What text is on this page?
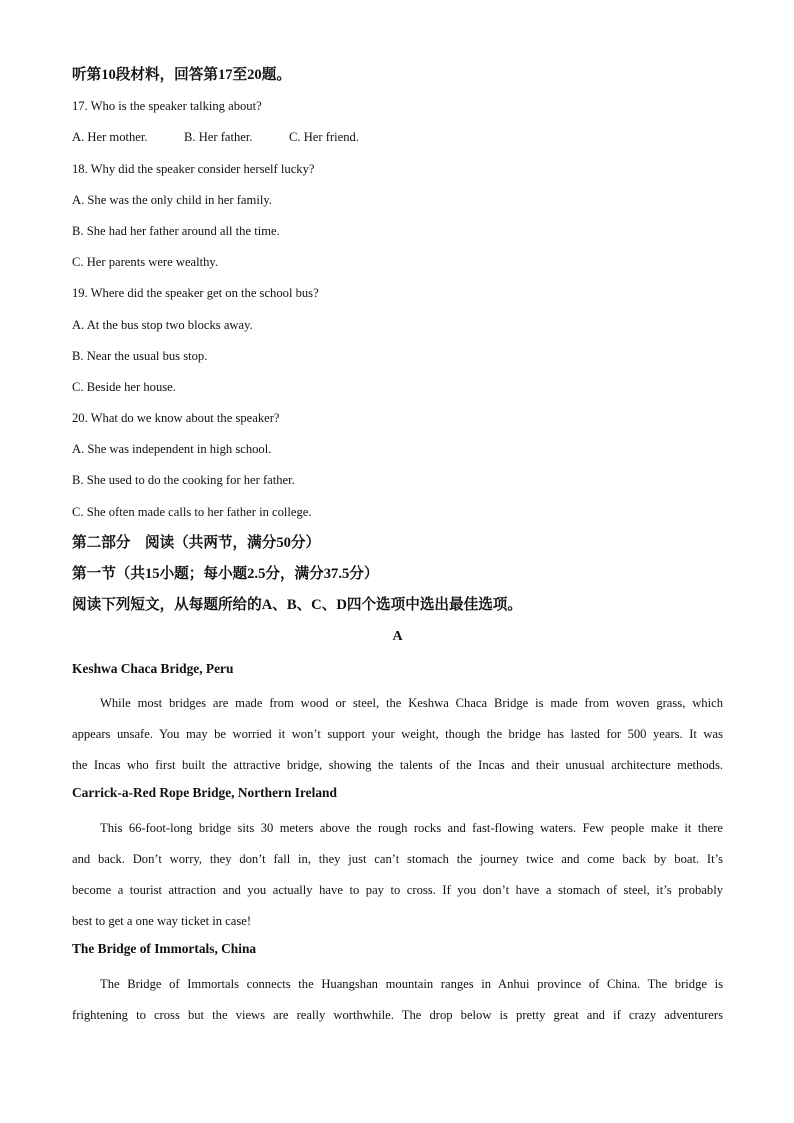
听第10段材料，回答第17至20题。
17. Who is the speaker talking about?
A. Her mother.	B. Her father.	C. Her friend.
18. Why did the speaker consider herself lucky?
A. She was the only child in her family.
B. She had her father around all the time.
C. Her parents were wealthy.
19. Where did the speaker get on the school bus?
A. At the bus stop two blocks away.
B. Near the usual bus stop.
C. Beside her house.
20. What do we know about the speaker?
A. She was independent in high school.
B. She used to do the cooking for her father.
C. She often made calls to her father in college.
第二部分　阅读（共两节，满分50分）
第一节（共15小题；每小题2.5分，满分37.5分）
阅读下列短文，从每题所给的A、B、C、D四个选项中选出最佳选项。
A
Keshwa Chaca Bridge, Peru
While most bridges are made from wood or steel, the Keshwa Chaca Bridge is made from woven grass, which
appears unsafe. You may be worried it won’t support your weight, though the bridge has lasted for 500 years. It was
the Incas who first built the attractive bridge, showing the talents of the Incas and their unusual architecture methods.
Carrick-a-Red Rope Bridge, Northern Ireland
This 66-foot-long bridge sits 30 meters above the rough rocks and fast-flowing waters. Few people make it there
and back. Don’t worry, they don’t fall in, they just can’t stomach the journey twice and come back by boat. It’s
become a tourist attraction and you actually have to pay to cross. If you don’t have a stomach of steel, it’s probably
best to get a one way ticket in case!
The Bridge of Immortals, China
The Bridge of Immortals connects the Huangshan mountain ranges in Anhui province of China. The bridge is
frightening to cross but the views are really worthwhile. The drop below is pretty great and if crazy adventurers
